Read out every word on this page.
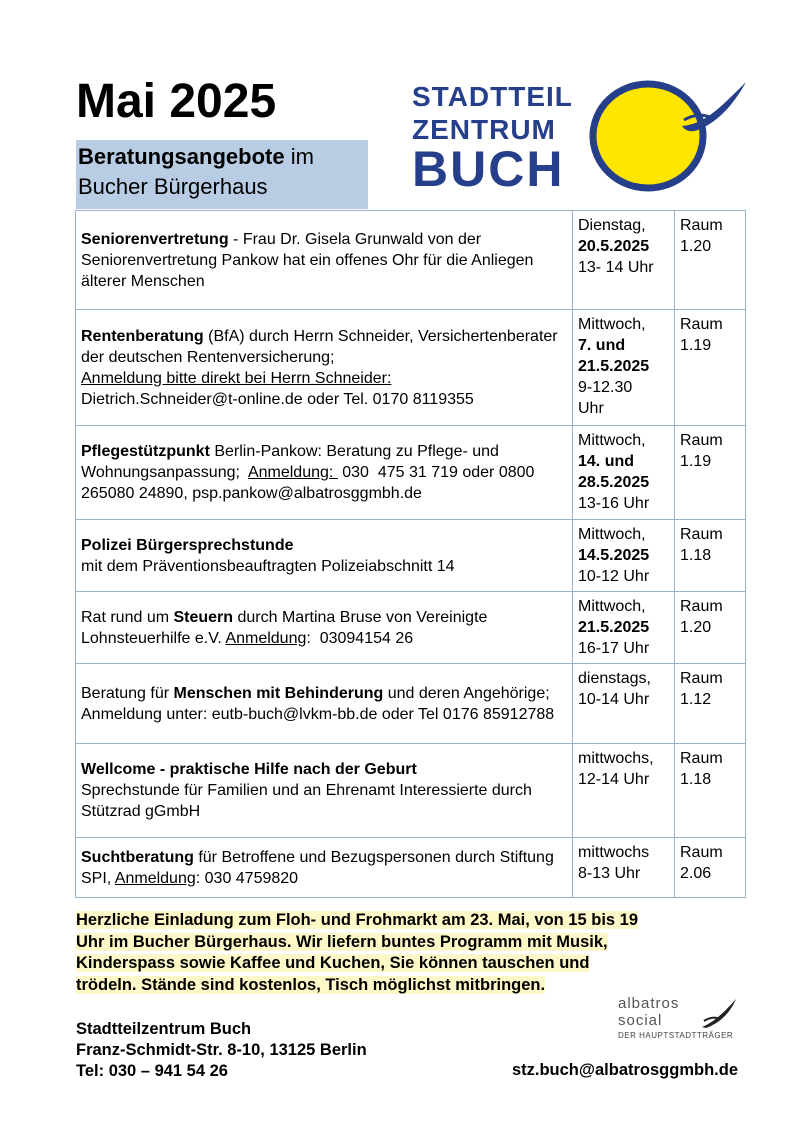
Mai 2025
Beratungsangebote im
Bucher Bürgerhaus
STADTTEIL
ZENTRUM
BUCH
Seniorenvertretung - Frau Dr. Gisela Grunwald von der Seniorenvertretung Pankow hat ein offenes Ohr für die Anliegen älterer Menschen	Dienstag,
20.5.2025
13- 14 Uhr	Raum
1.20
Rentenberatung (BfA) durch Herrn Schneider, Versichertenberater der deutschen Rentenversicherung;
Anmeldung bitte direkt bei Herrn Schneider:
Dietrich.Schneider@t-online.de oder Tel. 0170 8119355	Mittwoch,
7. und
21.5.2025
9-12.30
Uhr	Raum
1.19
Pflegestützpunkt Berlin-Pankow: Beratung zu Pflege- und Wohnungsanpassung;  Anmeldung:  030  475 31 719 oder 0800 265080 24890, psp.pankow@albatrosggmbh.de	Mittwoch,
14. und
28.5.2025
13-16 Uhr	Raum
1.19
Polizei Bürgersprechstunde
mit dem Präventionsbeauftragten Polizeiabschnitt 14	Mittwoch,
14.5.2025
10-12 Uhr	Raum
1.18
Rat rund um Steuern durch Martina Bruse von Vereinigte Lohnsteuerhilfe e.V. Anmeldung:  03094154 26	Mittwoch,
21.5.2025
16-17 Uhr	Raum
1.20
Beratung für Menschen mit Behinderung und deren Angehörige; Anmeldung unter: eutb-buch@lvkm-bb.de oder Tel 0176 85912788	dienstags,
10-14 Uhr	Raum
1.12
Wellcome - praktische Hilfe nach der Geburt
Sprechstunde für Familien und an Ehrenamt Interessierte durch Stützrad gGmbH	mittwochs,
12-14 Uhr	Raum
1.18
Suchtberatung für Betroffene und Bezugspersonen durch Stiftung SPI, Anmeldung: 030 4759820	mittwochs
8-13 Uhr	Raum
2.06
Herzliche Einladung zum Floh- und Frohmarkt am 23. Mai, von 15 bis 19
Uhr im Bucher Bürgerhaus. Wir liefern buntes Programm mit Musik,
Kinderspass sowie Kaffee und Kuchen, Sie können tauschen und
trödeln. Stände sind kostenlos, Tisch möglichst mitbringen.
albatros
social
DER HAUPTSTADTTRÄGER
Stadtteilzentrum Buch
Franz-Schmidt-Str. 8-10, 13125 Berlin
Tel: 030 – 941 54 26	stz.buch@albatrosggmbh.de
